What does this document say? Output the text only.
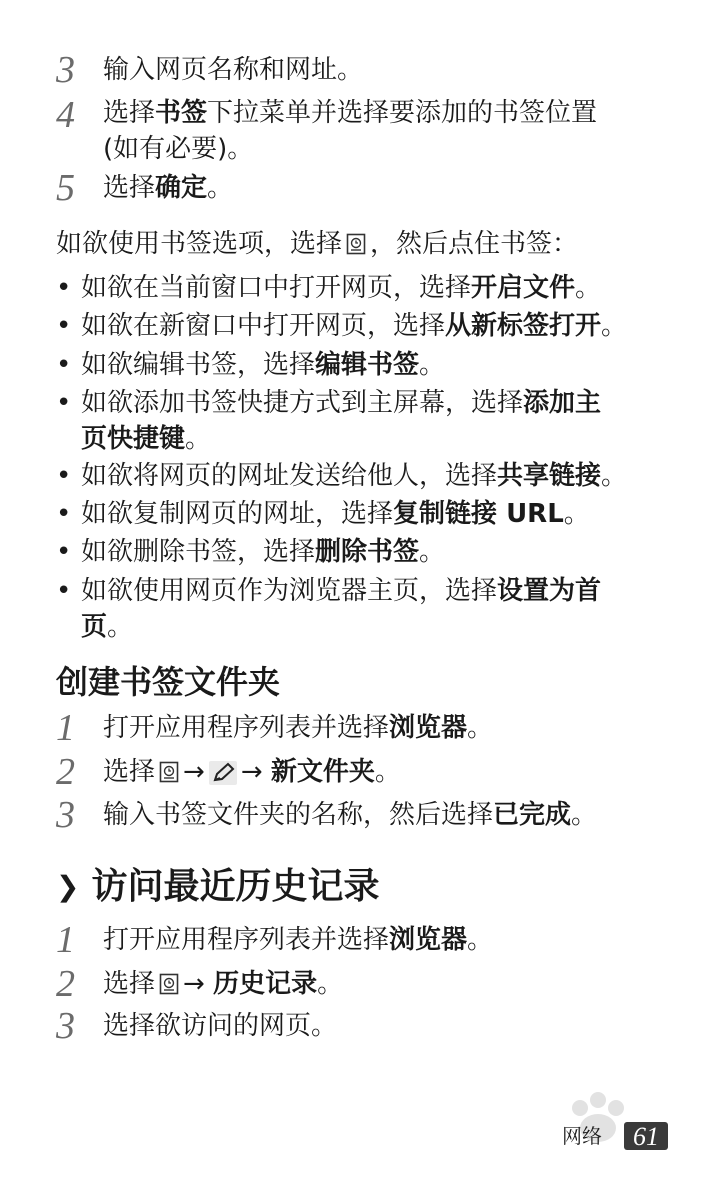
3	输入网页名称和网址。
4	选择书签下拉菜单并选择要添加的书签位置
(如有必要)。
5	选择确定。
如欲使用书签选项，选择 ，然后点住书签：
• 如欲在当前窗口中打开网页，选择开启文件。
• 如欲在新窗口中打开网页，选择从新标签打开。
• 如欲编辑书签，选择编辑书签。
• 如欲添加书签快捷方式到主屏幕，选择添加主
页快捷键。
• 如欲将网页的网址发送给他人，选择共享链接。
• 如欲复制网页的网址，选择复制链接 URL。
• 如欲删除书签，选择删除书签。
• 如欲使用网页作为浏览器主页，选择设置为首
页。
创建书签文件夹
1	打开应用程序列表并选择浏览器。
2	选择 → → 新文件夹。
3	输入书签文件夹的名称，然后选择已完成。
❯ 访问最近历史记录
1	打开应用程序列表并选择浏览器。
2	选择 → 历史记录。
3	选择欲访问的网页。
网络	61
